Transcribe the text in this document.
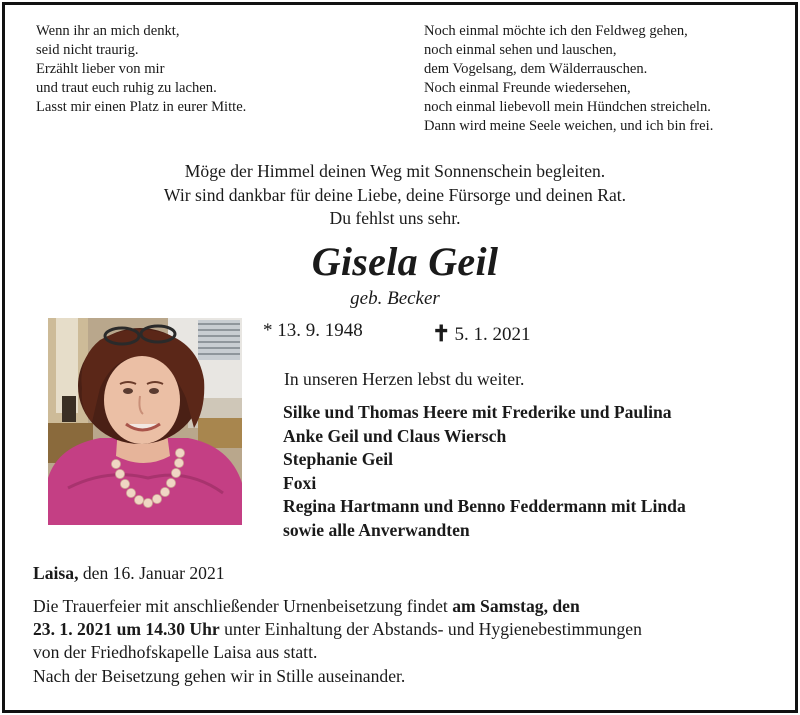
Wenn ihr an mich denkt,
seid nicht traurig.
Erzählt lieber von mir
und traut euch ruhig zu lachen.
Lasst mir einen Platz in eurer Mitte.
Noch einmal möchte ich den Feldweg gehen,
noch einmal sehen und lauschen,
dem Vogelsang, dem Wälderrauschen.
Noch einmal Freunde wiedersehen,
noch einmal liebevoll mein Hündchen streicheln.
Dann wird meine Seele weichen, und ich bin frei.
Möge der Himmel deinen Weg mit Sonnenschein begleiten.
Wir sind dankbar für deine Liebe, deine Fürsorge und deinen Rat.
Du fehlst uns sehr.
Gisela Geil
geb. Becker
* 13. 9. 1948	✝ 5. 1. 2021
In unseren Herzen lebst du weiter.
Silke und Thomas Heere mit Frederike und Paulina
Anke Geil und Claus Wiersch
Stephanie Geil
Foxi
Regina Hartmann und Benno Feddermann mit Linda
sowie alle Anverwandten
Laisa, den 16. Januar 2021
Die Trauerfeier mit anschließender Urnenbeisetzung findet am Samstag, den
23. 1. 2021 um 14.30 Uhr unter Einhaltung der Abstands- und Hygienebestimmungen
von der Friedhofskapelle Laisa aus statt.
Nach der Beisetzung gehen wir in Stille auseinander.
